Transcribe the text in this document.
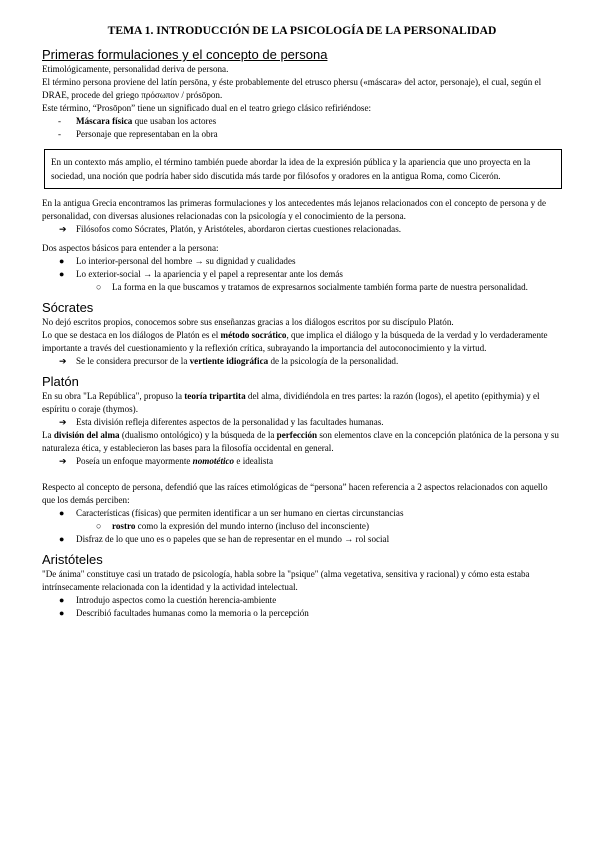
TEMA 1. INTRODUCCIÓN DE LA PSICOLOGÍA DE LA PERSONALIDAD
Primeras formulaciones y el concepto de persona

Etimológicamente, personalidad deriva de persona.

El término persona proviene del latín persōna, y éste probablemente del etrusco phersu («máscara» del actor, personaje), el cual, según el DRAE, procede del griego πρόσωπον / prósōpon.

Este término, “Prosōpon” tiene un significado dual en el teatro griego clásico refiriéndose:

- Máscara física que usaban los actores
- Personaje que representaban en la obra

En un contexto más amplio, el término también puede abordar la idea de la expresión pública y la apariencia que uno proyecta en la sociedad, una noción que podría haber sido discutida más tarde por filósofos y oradores en la antigua Roma, como Cicerón.

En la antigua Grecia encontramos las primeras formulaciones y los antecedentes más lejanos relacionados con el concepto de persona y de personalidad, con diversas alusiones relacionadas con la psicología y el conocimiento de la persona.

➔ Filósofos como Sócrates, Platón, y Aristóteles, abordaron ciertas cuestiones relacionadas.

Dos aspectos básicos para entender a la persona:

● Lo interior-personal del hombre → su dignidad y cualidades
● Lo exterior-social → la apariencia y el papel a representar ante los demás
○ La forma en la que buscamos y tratamos de expresarnos socialmente también forma parte de nuestra personalidad.
Sócrates

No dejó escritos propios, conocemos sobre sus enseñanzas gracias a los diálogos escritos por su discípulo Platón.

Lo que se destaca en los diálogos de Platón es el método socrático, que implica el diálogo y la búsqueda de la verdad y lo verdaderamente importante a través del cuestionamiento y la reflexión crítica, subrayando la importancia del autoconocimiento y la virtud.

➔ Se le considera precursor de la vertiente idiográfica de la psicología de la personalidad.
Platón

En su obra "La República", propuso la teoría tripartita del alma, dividiéndola en tres partes: la razón (logos), el apetito (epithymia) y el espíritu o coraje (thymos).

➔ Esta división refleja diferentes aspectos de la personalidad y las facultades humanas.

La división del alma (dualismo ontológico) y la búsqueda de la perfección son elementos clave en la concepción platónica de la persona y su naturaleza ética, y establecieron las bases para la filosofía occidental en general.

➔ Poseía un enfoque mayormente nomotético e idealista

Respecto al concepto de persona, defendió que las raíces etimológicas de “persona” hacen referencia a 2 aspectos relacionados con aquello que los demás perciben:

● Características (físicas) que permiten identificar a un ser humano en ciertas circunstancias
○ rostro como la expresión del mundo interno (incluso del inconsciente)
● Disfraz de lo que uno es o papeles que se han de representar en el mundo → rol social
Aristóteles

"De ánima" constituye casi un tratado de psicología, habla sobre la "psique" (alma vegetativa, sensitiva y racional) y cómo esta estaba intrínsecamente relacionada con la identidad y la actividad intelectual.

● Introdujo aspectos como la cuestión herencia-ambiente
● Describió facultades humanas como la memoria o la percepción
